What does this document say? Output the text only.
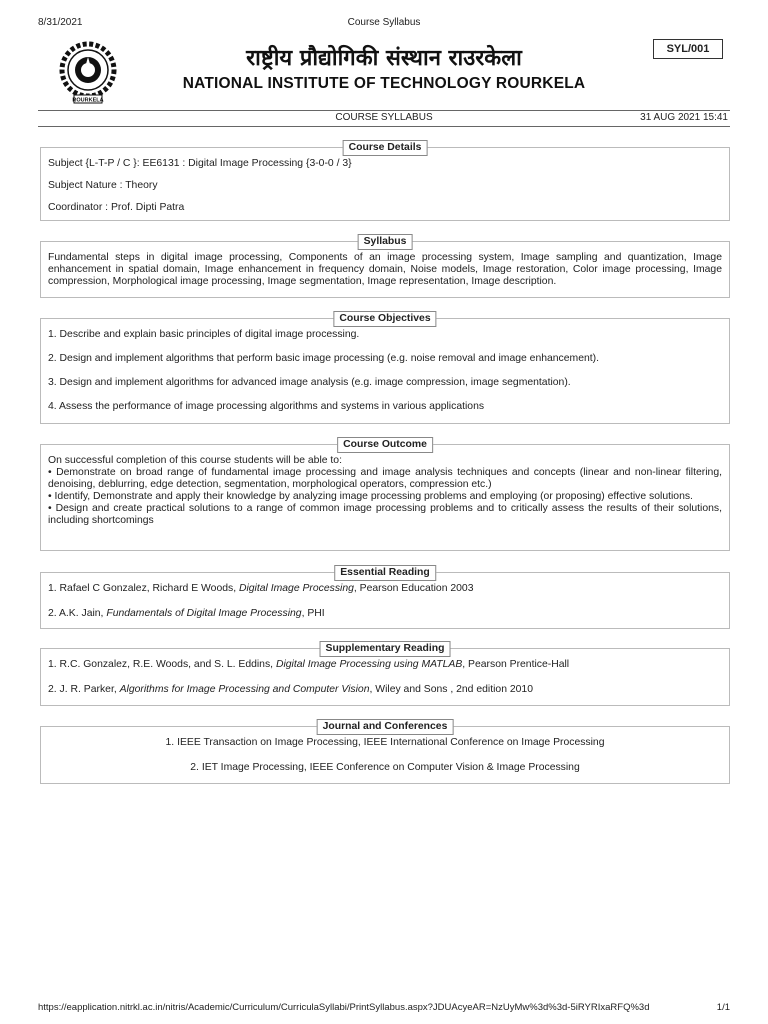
8/31/2021	Course Syllabus
ROURKELA
राष्ट्रीय प्रौद्योगिकी संस्थान राउरकेला
NATIONAL INSTITUTE OF TECHNOLOGY ROURKELA
SYL/001
COURSE SYLLABUS	31 AUG 2021 15:41
Course Details
Subject {L-T-P / C }: EE6131 : Digital Image Processing {3-0-0 / 3}
Subject Nature : Theory
Coordinator : Prof. Dipti Patra
Syllabus
Fundamental steps in digital image processing, Components of an image processing system, Image sampling and quantization, Image enhancement in spatial domain, Image enhancement in frequency domain, Noise models, Image restoration, Color image processing, Image compression, Morphological image processing, Image segmentation, Image representation, Image description.
Course Objectives
1. Describe and explain basic principles of digital image processing.
2. Design and implement algorithms that perform basic image processing (e.g. noise removal and image enhancement).
3. Design and implement algorithms for advanced image analysis (e.g. image compression, image segmentation).
4. Assess the performance of image processing algorithms and systems in various applications
Course Outcome
On successful completion of this course students will be able to:
• Demonstrate on broad range of fundamental image processing and image analysis techniques and concepts (linear and non-linear filtering, denoising, deblurring, edge detection, segmentation, morphological operators, compression etc.)
• Identify, Demonstrate and apply their knowledge by analyzing image processing problems and employing (or proposing) effective solutions.
• Design and create practical solutions to a range of common image processing problems and to critically assess the results of their solutions, including shortcomings
Essential Reading
1. Rafael C Gonzalez, Richard E Woods, Digital Image Processing, Pearson Education 2003
2. A.K. Jain, Fundamentals of Digital Image Processing, PHI
Supplementary Reading
1. R.C. Gonzalez, R.E. Woods, and S. L. Eddins, Digital Image Processing using MATLAB, Pearson Prentice-Hall
2. J. R. Parker, Algorithms for Image Processing and Computer Vision, Wiley and Sons , 2nd edition 2010
Journal and Conferences
1. IEEE Transaction on Image Processing, IEEE International Conference on Image Processing
2. IET Image Processing, IEEE Conference on Computer Vision & Image Processing
https://eapplication.nitrkl.ac.in/nitris/Academic/Curriculum/CurriculaSyllabi/PrintSyllabus.aspx?JDUAcyeAR=NzUyMw%3d%3d-5iRYRIxaRFQ%3d	1/1
